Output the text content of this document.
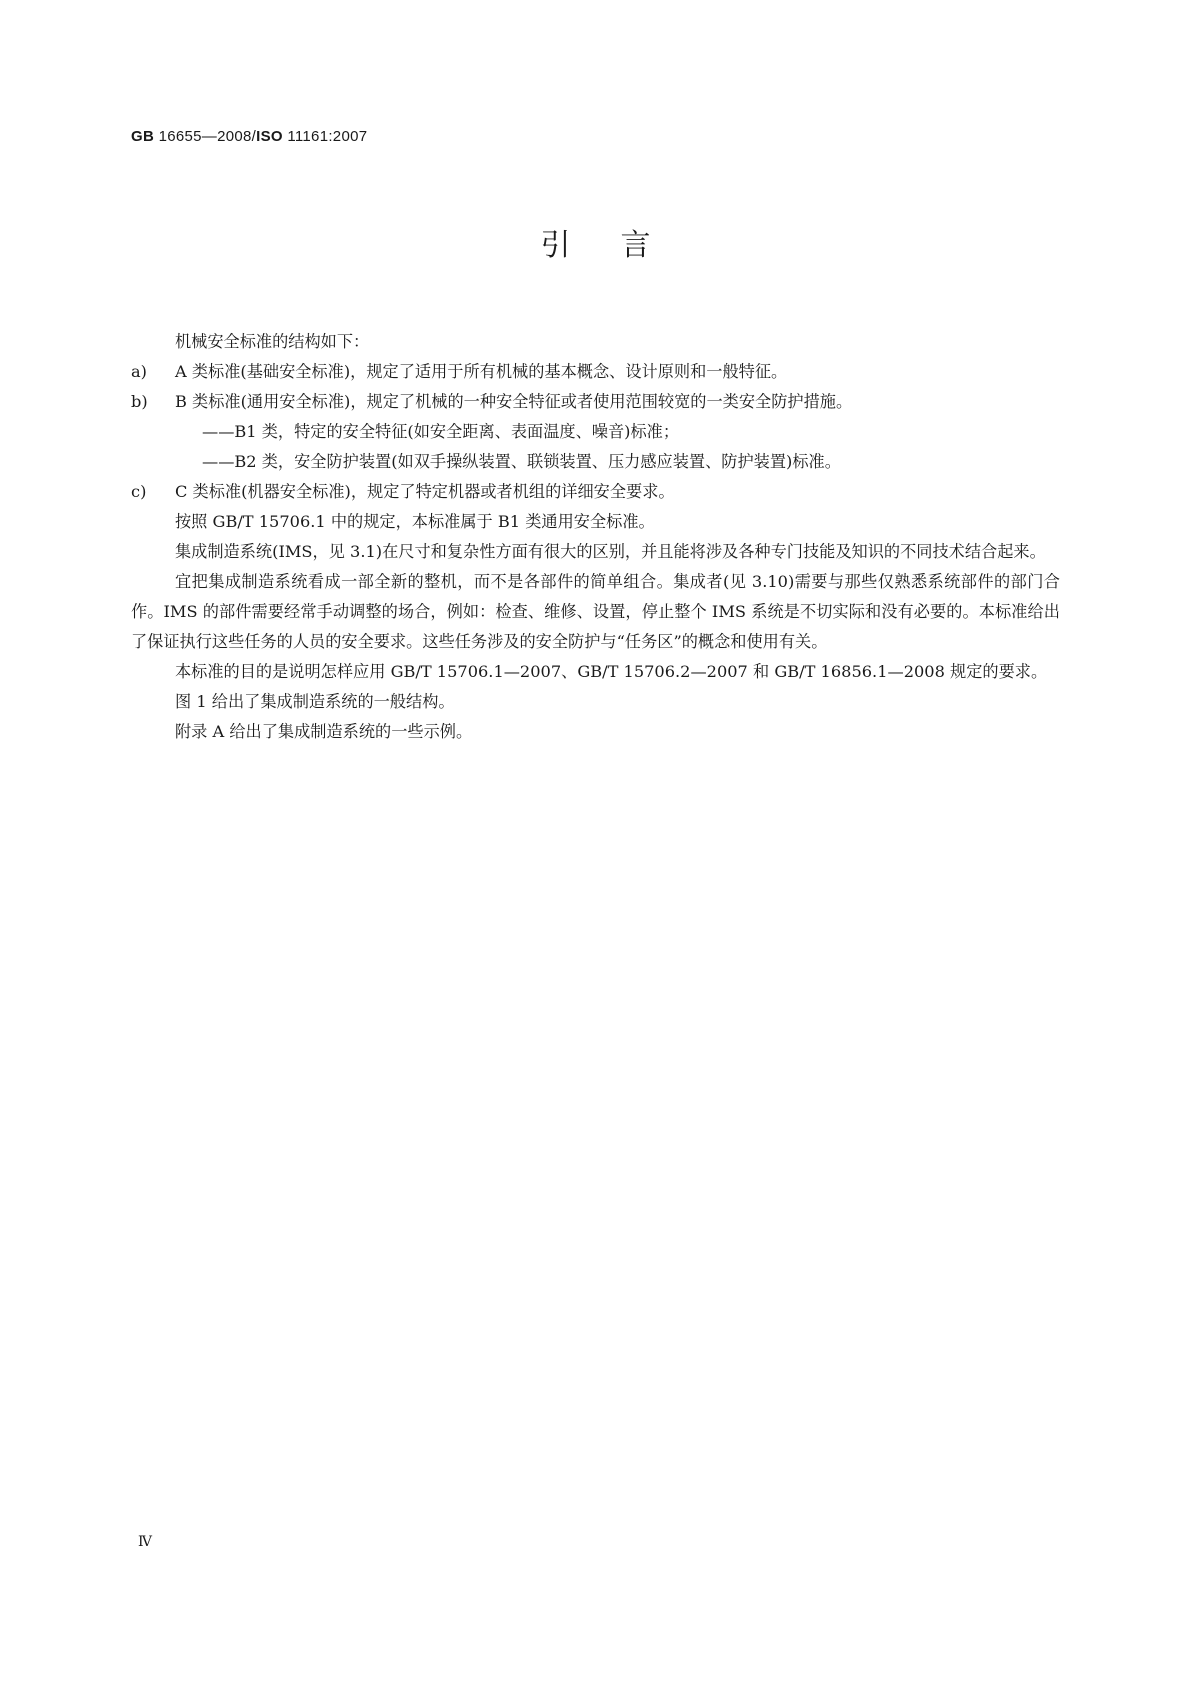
GB 16655—2008/ISO 11161:2007
引言

机械安全标准的结构如下：

a)	A 类标准(基础安全标准)，规定了适用于所有机械的基本概念、设计原则和一般特征。
b)	B 类标准(通用安全标准)，规定了机械的一种安全特征或者使用范围较宽的一类安全防护措施。

——B1 类，特定的安全特征(如安全距离、表面温度、噪音)标准；

——B2 类，安全防护装置(如双手操纵装置、联锁装置、压力感应装置、防护装置)标准。

c)	C 类标准(机器安全标准)，规定了特定机器或者机组的详细安全要求。

按照 GB/T 15706.1 中的规定，本标准属于 B1 类通用安全标准。

集成制造系统(IMS，见 3.1)在尺寸和复杂性方面有很大的区别，并且能将涉及各种专门技能及知识的不同技术结合起来。

宜把集成制造系统看成一部全新的整机，而不是各部件的简单组合。集成者(见 3.10)需要与那些仅熟悉系统部件的部门合作。IMS 的部件需要经常手动调整的场合，例如：检查、维修、设置，停止整个 IMS 系统是不切实际和没有必要的。本标准给出了保证执行这些任务的人员的安全要求。这些任务涉及的安全防护与“任务区”的概念和使用有关。

本标准的目的是说明怎样应用 GB/T 15706.1—2007、GB/T 15706.2—2007 和 GB/T 16856.1—2008 规定的要求。

图 1 给出了集成制造系统的一般结构。

附录 A 给出了集成制造系统的一些示例。

Ⅳ
